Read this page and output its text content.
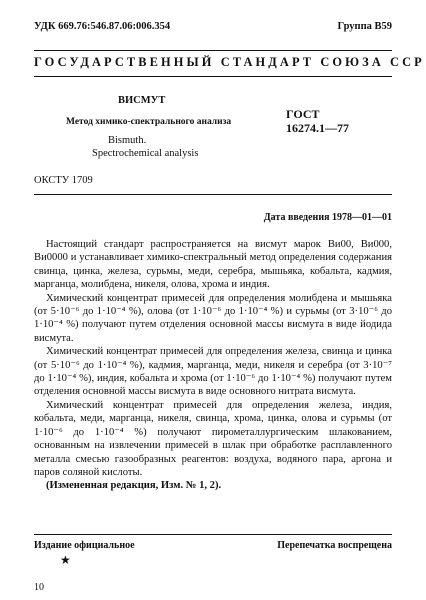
УДК 669.76:546.87.06:006.354	Группа В59
ГОСУДАРСТВЕННЫЙ СТАНДАРТ СОЮЗА ССР
ВИСМУТ
Метод химико-спектрального анализа
Bismuth.
Spectrochemical analysis
ГОСТ
16274.1—77
ОКСТУ 1709
Дата введения 1978—01—01

Настоящий стандарт распространяется на висмут марок Ви00, Ви000, Ви0000 и устанавливает химико-спектральный метод определения содержания свинца, цинка, железа, сурьмы, меди, серебра, мышьяка, кобальта, кадмия, марганца, молибдена, никеля, олова, хрома и индия.

Химический концентрат примесей для определения молибдена и мышьяка (от 5·10⁻⁶ до 1·10⁻⁴ %), олова (от 1·10⁻⁶ до 1·10⁻⁴ %) и сурьмы (от 3·10⁻⁶ до 1·10⁻⁴ %) получают путем отделения основной массы висмута в виде йодида висмута.

Химический концентрат примесей для определения железа, свинца и цинка (от 5·10⁻⁶ до 1·10⁻⁴ %), кадмия, марганца, меди, никеля и серебра (от 3·10⁻⁷ до 1·10⁻⁴ %), индия, кобальта и хрома (от 1·10⁻⁶ до 1·10⁻⁴ %) получают путем отделения основной массы висмута в виде основного нитрата висмута.

Химический концентрат примесей для определения железа, индия, кобальта, меди, марганца, никеля, свинца, хрома, цинка, олова и сурьмы (от 1·10⁻⁶ до 1·10⁻⁴ %) получают пирометаллургическим шлакованием, основанным на извлечении примесей в шлак при обработке расплавленного металла смесью газообразных реагентов: воздуха, водяного пара, аргона и паров соляной кислоты.

(Измененная редакция, Изм. № 1, 2).

Издание официальное	Перепечатка воспрещена
★
10
